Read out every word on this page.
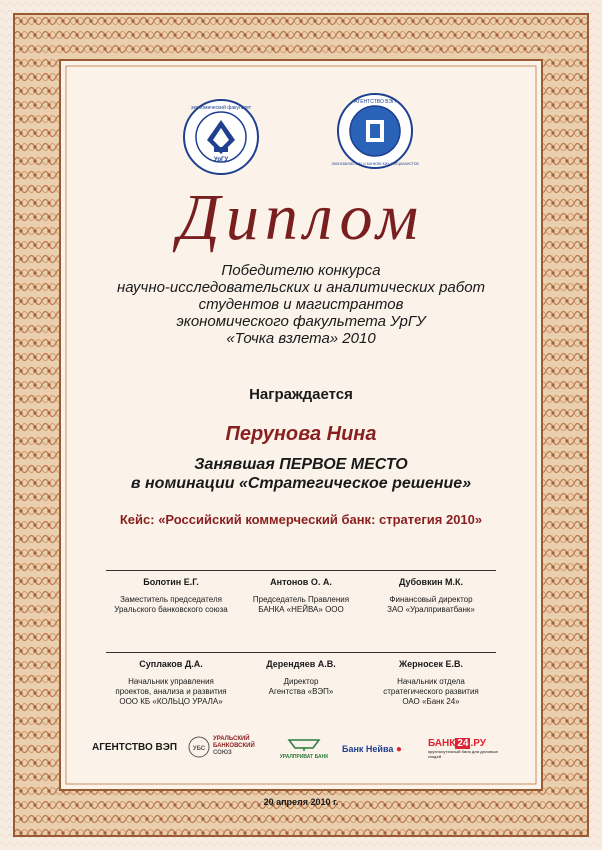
УрГУ
экономический факультет
АГЕНТСТВО ВЭП
ЭКОНОМИЧЕСКИХ И БАНКОВСКИХ СПЕЦИАЛИСТОВ
Диплом
Победителю конкурса
научно-исследовательских и аналитических работ
студентов и магистрантов
экономического факультета УрГУ
«Точка взлета» 2010
Награждается
Перунова Нина
Занявшая ПЕРВОЕ МЕСТО
в номинации «Стратегическое решение»
Кейс: «Российский коммерческий банк: стратегия 2010»
Болотин Е.Г.
Заместитель председателя
Уральского банковского союза
Антонов О. А.
Председатель Правления
БАНКА «НЕЙВА» ООО
Дубовкин М.К.
Финансовый директор
ЗАО «Уралприватбанк»
Суплаков Д.А.
Начальник управления
проектов, анализа и развития
ООО КБ «КОЛЬЦО УРАЛА»
Дерендяев А.В.
Директор
Агентства «ВЭП»
Жерносек Е.В.
Начальник отдела
стратегического развития
ОАО «Банк 24»
АГЕНТСТВО ВЭП	УБС
УРАЛЬСКИЙ БАНКОВСКИЙ
СОЮЗ
УРАЛПРИВАТ БАНК
Банк Нейва ●
БАНК 24 .РУ
круглосуточный банк для деловых людей
20 апреля 2010 г.
